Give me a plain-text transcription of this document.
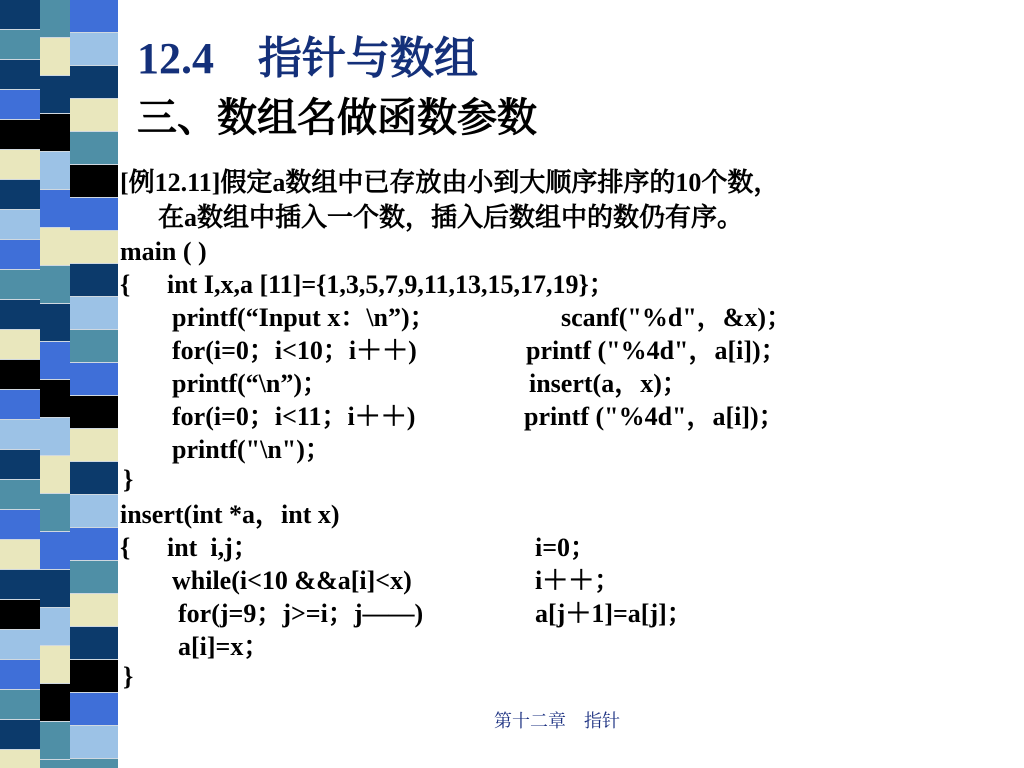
12.4    指针与数组
三、数组名做函数参数
[例12.11]假定a数组中已存放由小到大顺序排序的10个数，
在a数组中插入一个数，插入后数组中的数仍有序。
main ( )
{ int I,x,a [11]={1,3,5,7,9,11,13,15,17,19}；
printf(“Input x：\n”)；	scanf("%d"，&x)；
for(i=0；i<10；i＋＋)	printf ("%4d"，a[i])；
printf(“\n”)；	insert(a，x)；
for(i=0；i<11；i＋＋)	printf ("%4d"，a[i])；
printf("\n")；
}
insert(int *a，int x)
{ int  i,j；	i=0；
while(i<10 &&a[i]<x)	i＋＋；
for(j=9；j>=i；j——)	a[j＋1]=a[j]；
a[i]=x；
}
第十二章    指针
